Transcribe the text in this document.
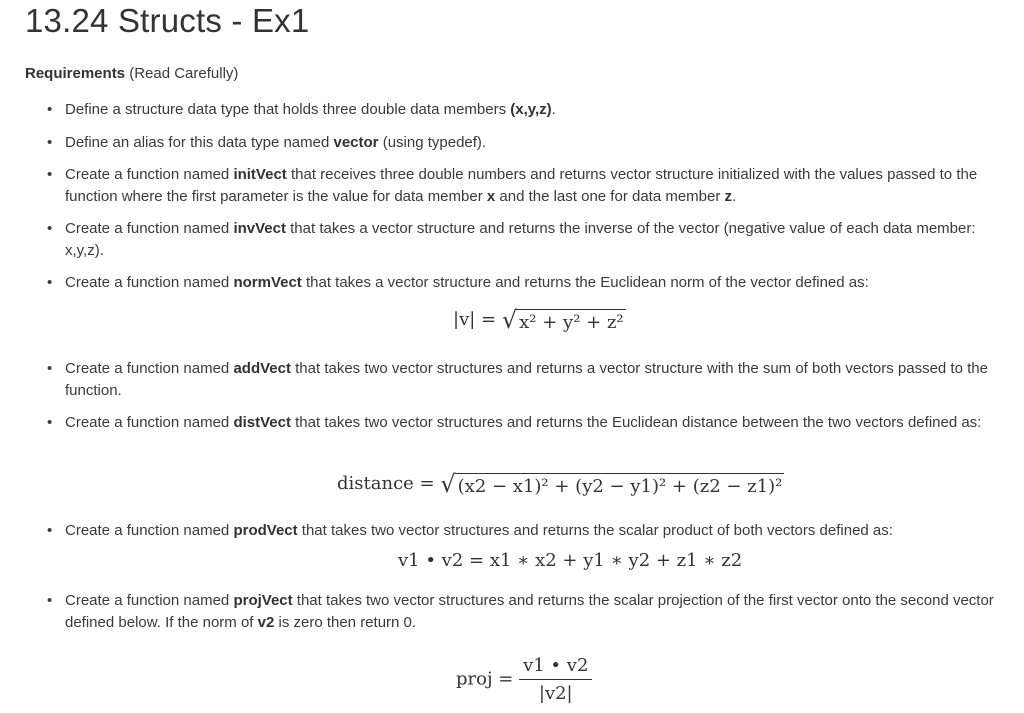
13.24 Structs - Ex1
Requirements (Read Carefully)
• Define a structure data type that holds three double data members (x,y,z).
• Define an alias for this data type named vector (using typedef).
• Create a function named initVect that receives three double numbers and returns vector structure initialized with the values passed to the function where the first parameter is the value for data member x and the last one for data member z.
• Create a function named invVect that takes a vector structure and returns the inverse of the vector (negative value of each data member: x,y,z).
• Create a function named normVect that takes a vector structure and returns the Euclidean norm of the vector defined as:
• Create a function named addVect that takes two vector structures and returns a vector structure with the sum of both vectors passed to the function.
• Create a function named distVect that takes two vector structures and returns the Euclidean distance between the two vectors defined as:
• Create a function named prodVect that takes two vector structures and returns the scalar product of both vectors defined as:
• Create a function named projVect that takes two vector structures and returns the scalar projection of the first vector onto the second vector defined below. If the norm of v2 is zero then return 0.
|v| = √ x² + y² + z²
distance = √ (x2 − x1)² + (y2 − y1)² + (z2 − z1)²
v1 • v2 = x1 ∗ x2 + y1 ∗ y2 + z1 ∗ z2
proj = $\frac{v1 • v2}{|v2|}$
